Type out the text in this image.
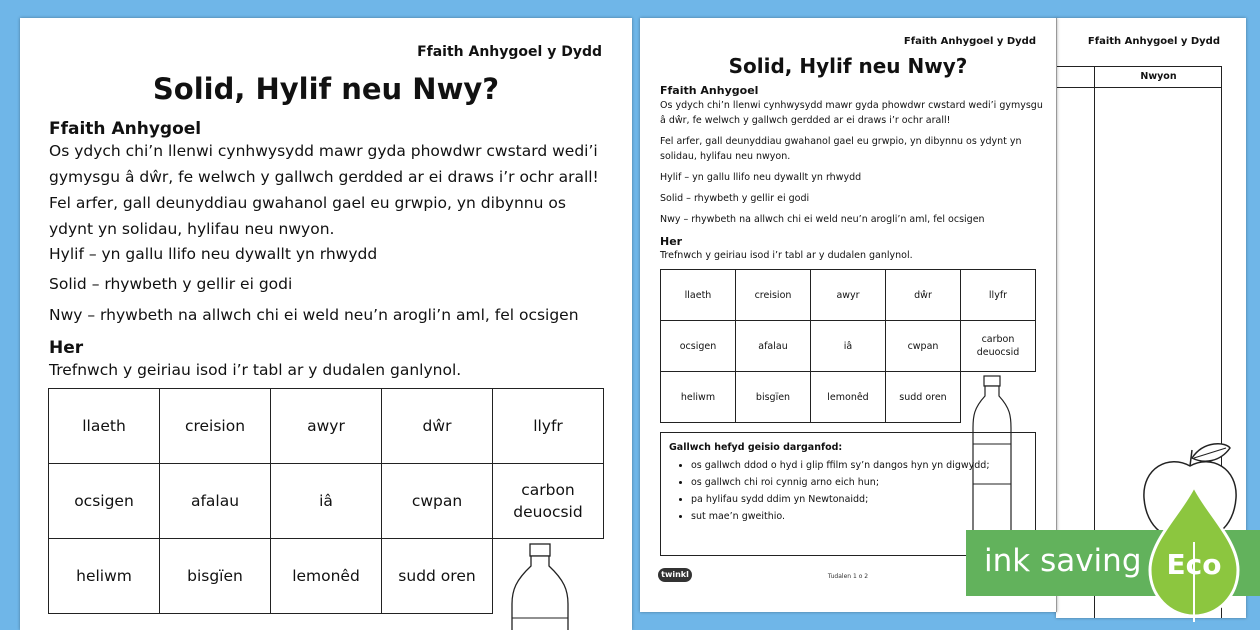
Ffaith Anhygoel y Dydd
Nwyon
Ffaith Anhygoel y Dydd
Solid, Hylif neu Nwy?
Ffaith Anhygoel
Os ydych chi’n llenwi cynhwysydd mawr gyda phowdwr cwstard wedi’i gymysgu â dŵr, fe welwch y gallwch gerdded ar ei draws i’r ochr arall!
Fel arfer, gall deunyddiau gwahanol gael eu grwpio, yn dibynnu os ydynt yn solidau, hylifau neu nwyon.
Hylif – yn gallu llifo neu dywallt yn rhwydd
Solid – rhywbeth y gellir ei godi
Nwy – rhywbeth na allwch chi ei weld neu’n arogli’n aml, fel ocsigen
Her
Trefnwch y geiriau isod i’r tabl ar y dudalen ganlynol.
llaeth	creision	awyr	dŵr	llyfr
ocsigen	afalau	iâ	cwpan	carbon deuocsid
heliwm	bisgïen	lemonêd	sudd oren	
Gallwch hefyd geisio darganfod:
• os gallwch ddod o hyd i glip ffilm sy’n dangos hyn yn digwydd;
• os gallwch chi roi cynnig arno eich hun;
• pa hylifau sydd ddim yn Newtonaidd;
• sut mae’n gweithio.
twinkl	Tudalen 1 o 2
Ffaith Anhygoel y Dydd
Solid, Hylif neu Nwy?
Ffaith Anhygoel
Os ydych chi’n llenwi cynhwysydd mawr gyda phowdwr cwstard wedi’i gymysgu â dŵr, fe welwch y gallwch gerdded ar ei draws i’r ochr arall!
Fel arfer, gall deunyddiau gwahanol gael eu grwpio, yn dibynnu os ydynt yn solidau, hylifau neu nwyon.
Hylif – yn gallu llifo neu dywallt yn rhwydd
Solid – rhywbeth y gellir ei godi
Nwy – rhywbeth na allwch chi ei weld neu’n arogli’n aml, fel ocsigen
Her
Trefnwch y geiriau isod i’r tabl ar y dudalen ganlynol.
llaeth	creision	awyr	dŵr	llyfr
ocsigen	afalau	iâ	cwpan	carbon deuocsid
heliwm	bisgïen	lemonêd	sudd oren		ink saving Eco
